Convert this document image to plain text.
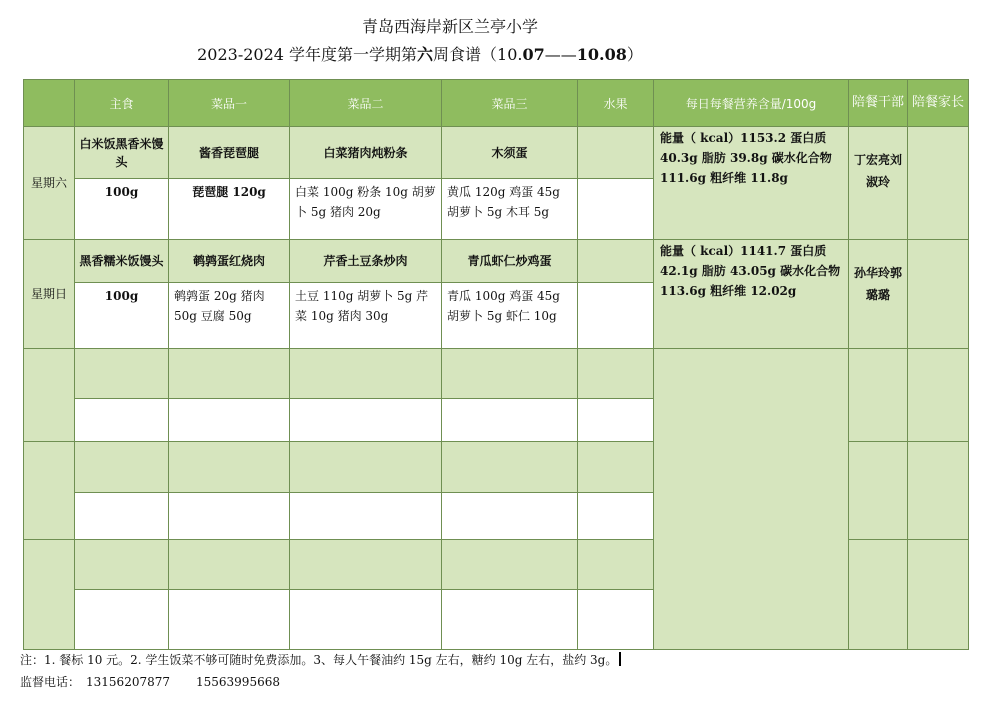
青岛西海岸新区兰亭小学
2023-2024 学年度第一学期第六周食谱（10.07——10.08）
	主食	菜品一	菜品二	菜品三	水果	每日每餐营养含量/100g	陪餐干部	陪餐家长
星期六	白米饭黑香米馒头	酱香琵琶腿	白菜猪肉炖粉条	木须蛋		能量（ kcal）1153.2 蛋白质 40.3g 脂肪 39.8g 碳水化合物 111.6g 粗纤维 11.8g	丁宏亮刘淑玲	
	100g	琵琶腿 120g	白菜 100g 粉条 10g 胡萝卜 5g 猪肉 20g	黄瓜 120g 鸡蛋 45g 胡萝卜 5g 木耳 5g				
星期日	黑香糯米饭馒头	鹌鹑蛋红烧肉	芹香土豆条炒肉	青瓜虾仁炒鸡蛋		能量（ kcal）1141.7 蛋白质 42.1g 脂肪 43.05g 碳水化合物 113.6g 粗纤维 12.02g	孙华玲郭璐璐	
	100g	鹌鹑蛋 20g 猪肉 50g 豆腐 50g	土豆 110g 胡萝卜 5g 芹菜 10g 猪肉 30g	青瓜 100g 鸡蛋 45g 胡萝卜 5g 虾仁 10g				

注：1. 餐标 10 元。2. 学生饭菜不够可随时免费添加。3、每人午餐油约 15g 左右，糖约 10g 左右，盐约 3g。
监督电话： 13156207877 15563995668
